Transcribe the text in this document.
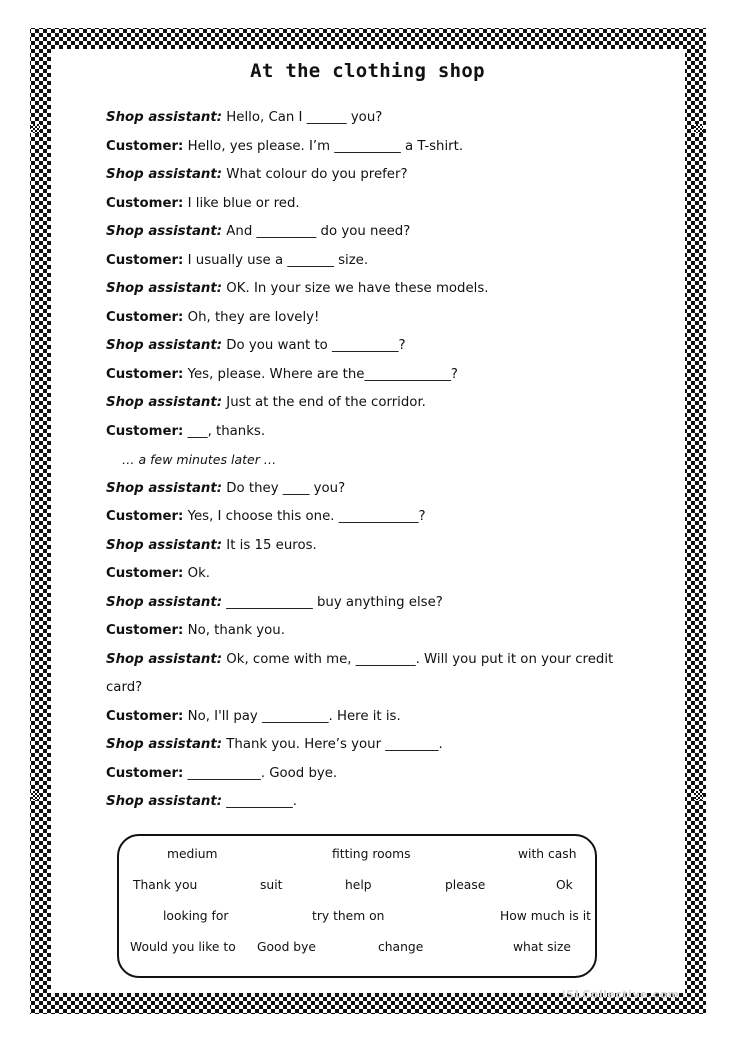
At the clothing shop
Shop assistant: Hello, Can I ______ you?
Customer: Hello, yes please. I’m __________ a T-shirt.
Shop assistant: What colour do you prefer?
Customer: I like blue or red.
Shop assistant: And _________ do you need?
Customer: I usually use a _______ size.
Shop assistant: OK. In your size we have these models.
Customer: Oh, they are lovely!
Shop assistant: Do you want to __________?
Customer: Yes, please. Where are the_____________?
Shop assistant: Just at the end of the corridor.
Customer: ___, thanks.
… a few minutes later …
Shop assistant: Do they ____ you?
Customer: Yes, I choose this one. ____________?
Shop assistant: It is 15 euros.
Customer: Ok.
Shop assistant: _____________ buy anything else?
Customer: No, thank you.
Shop assistant: Ok, come with me, _________. Will you put it on your credit
card?
Customer: No, I'll pay __________. Here it is.
Shop assistant: Thank you. Here’s your ________.
Customer: ___________. Good bye.
Shop assistant: __________.
medium	fitting rooms	with cash
Thank you	suit	help	please	Ok
looking for	try them on	How much is it
Would you like to Good bye	change	what size
iSLCollective.com
